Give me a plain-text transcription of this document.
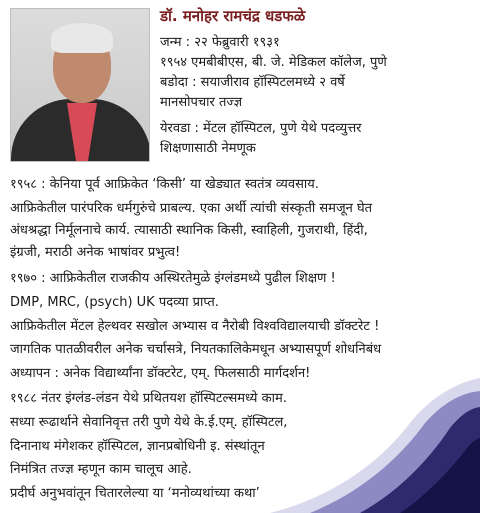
डॉ. मनोहर रामचंद्र धडफळे
जन्म : २२ फेब्रुवारी १९३१
१९५४ एमबीबीएस, बी. जे. मेडिकल कॉलेज, पुणे
बडोदा : सयाजीराव हॉस्पिटलमध्ये २ वर्षे
मानसोपचार तज्ज्ञ
येरवडा : मेंटल हॉस्पिटल, पुणे येथे पदव्युत्तर
शिक्षणासाठी नेमणूक
१९५८ : केनिया पूर्व आफ्रिकेत ‘किसी’ या खेड्यात स्वतंत्र व्यवसाय.
आफ्रिकेतील पारंपरिक धर्मगुरुंचे प्राबल्य. एका अर्थी त्यांची संस्कृती समजून घेत
अंधश्रद्धा निर्मूलनाचे कार्य. त्यासाठी स्थानिक किसी, स्वाहिली, गुजराथी, हिंदी,
इंग्रजी, मराठी अनेक भाषांवर प्रभुत्व!
१९७० : आफ्रिकेतील राजकीय अस्थिरतेमुळे इंग्लंडमध्ये पुढील शिक्षण !
DMP, MRC, (psych) UK पदव्या प्राप्त.
आफ्रिकेतील मेंटल हेल्थवर सखोल अभ्यास व नैरोबी विश्वविद्यालयाची डॉक्टरेट !
जागतिक पातळीवरील अनेक चर्चासत्रे, नियतकालिकेमधून अभ्यासपूर्ण शोधनिबंध
अध्यापन : अनेक विद्यार्थ्यांना डॉक्टरेट, एम्. फिलसाठी मार्गदर्शन!
१९८८ नंतर इंग्लंड-लंडन येथे प्रथितयश हॉस्पिटल्समध्ये काम.
सध्या रूढार्थाने सेवानिवृत्त तरी पुणे येथे के.ई.एम्. हॉस्पिटल,
दिनानाथ मंगेशकर हॉस्पिटल, ज्ञानप्रबोधिनी इ. संस्थांतून
निमंत्रित तज्ज्ञ म्हणून काम चालूच आहे.
प्रदीर्घ अनुभवांतून चितारलेल्या या ‘मनोव्यथांच्या कथा’
